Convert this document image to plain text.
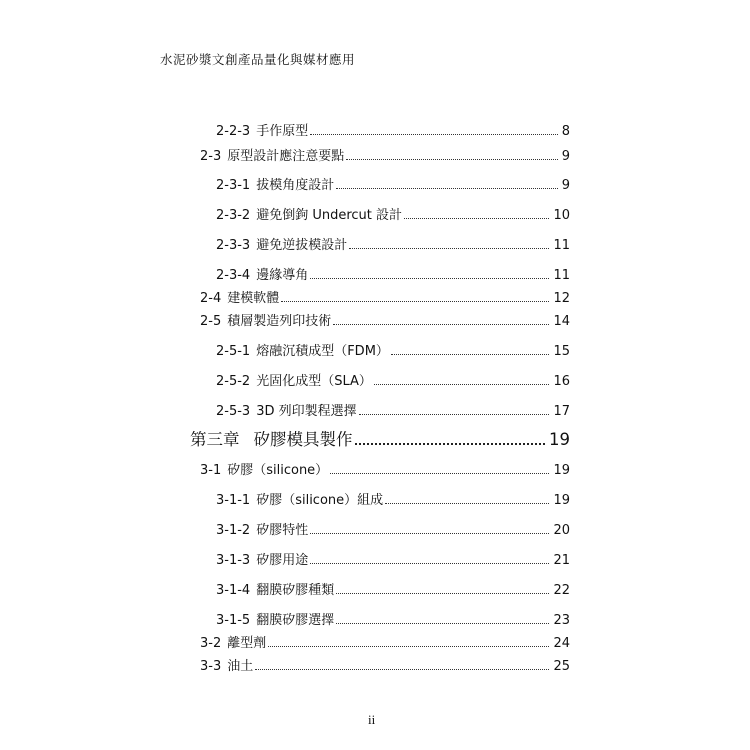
水泥砂漿文創產品量化與媒材應用
2-2-3 手作原型	8
2-3 原型設計應注意要點	9
2-3-1 拔模角度設計	9
2-3-2 避免倒鉤 Undercut 設計	10
2-3-3 避免逆拔模設計	11
2-3-4 邊緣導角	11
2-4 建模軟體	12
2-5 積層製造列印技術	14
2-5-1 熔融沉積成型（FDM）	15
2-5-2 光固化成型（SLA）	16
2-5-3 3D 列印製程選擇	17
第三章 矽膠模具製作	19
3-1 矽膠（silicone）	19
3-1-1 矽膠（silicone）組成	19
3-1-2 矽膠特性	20
3-1-3 矽膠用途	21
3-1-4 翻膜矽膠種類	22
3-1-5 翻膜矽膠選擇	23
3-2 離型劑	24
3-3 油土	25
ii
